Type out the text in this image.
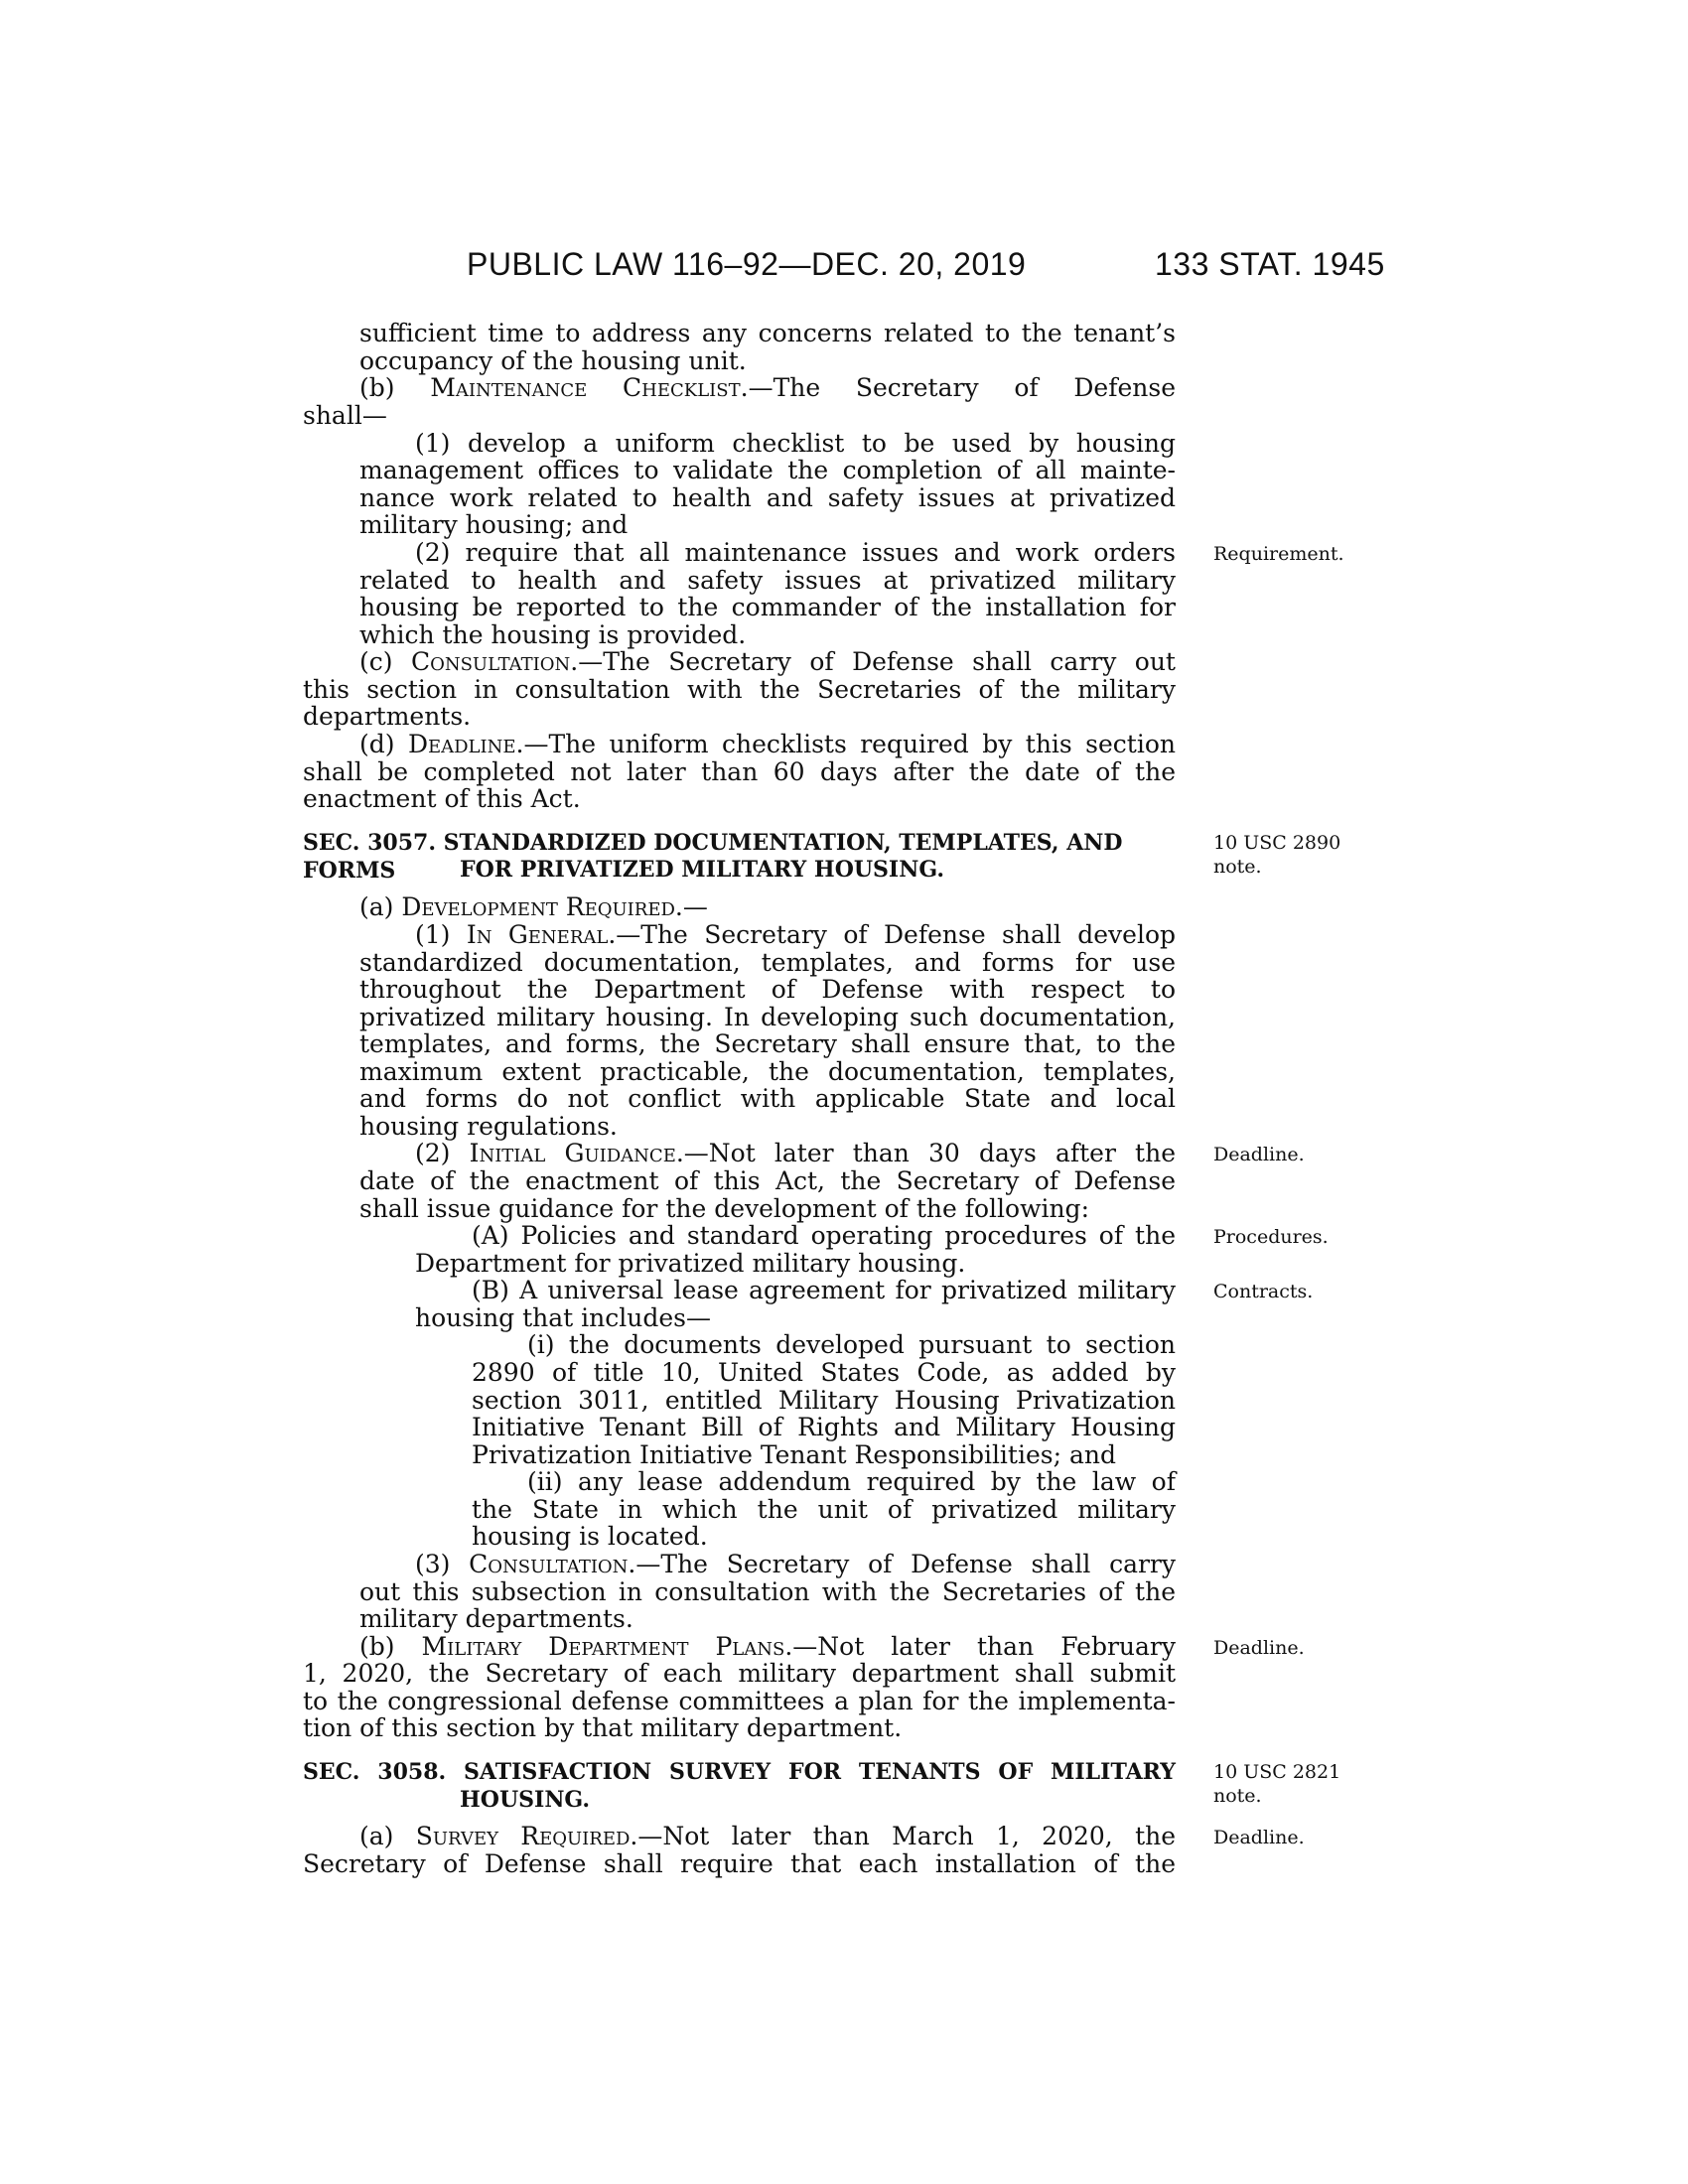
PUBLIC LAW 116–92—DEC. 20, 2019	133 STAT. 1945

sufficient time to address any concerns related to the tenant’s

occupancy of the housing unit.

(b) Maintenance Checklist.—The Secretary of Defense

shall—

(1) develop a uniform checklist to be used by housing

management offices to validate the completion of all mainte-

nance work related to health and safety issues at privatized

military housing; and

(2) require that all maintenance issues and work orders

related to health and safety issues at privatized military

housing be reported to the commander of the installation for

which the housing is provided.

(c) Consultation.—The Secretary of Defense shall carry out

this section in consultation with the Secretaries of the military

departments.

(d) Deadline.—The uniform checklists required by this section

shall be completed not later than 60 days after the date of the

enactment of this Act.

SEC. 3057. STANDARDIZED DOCUMENTATION, TEMPLATES, AND FORMS	FOR PRIVATIZED MILITARY HOUSING.

(a) Development Required.—

(1) In General.—The Secretary of Defense shall develop

standardized documentation, templates, and forms for use

throughout the Department of Defense with respect to

privatized military housing. In developing such documentation,

templates, and forms, the Secretary shall ensure that, to the

maximum extent practicable, the documentation, templates,

and forms do not conflict with applicable State and local

housing regulations.

(2) Initial Guidance.—Not later than 30 days after the

date of the enactment of this Act, the Secretary of Defense

shall issue guidance for the development of the following:

(A) Policies and standard operating procedures of the

Department for privatized military housing.

(B) A universal lease agreement for privatized military

housing that includes—

(i) the documents developed pursuant to section

2890 of title 10, United States Code, as added by

section 3011, entitled Military Housing Privatization

Initiative Tenant Bill of Rights and Military Housing

Privatization Initiative Tenant Responsibilities; and

(ii) any lease addendum required by the law of

the State in which the unit of privatized military

housing is located.

(3) Consultation.—The Secretary of Defense shall carry

out this subsection in consultation with the Secretaries of the

military departments.

(b) Military Department Plans.—Not later than February

1, 2020, the Secretary of each military department shall submit

to the congressional defense committees a plan for the implementa-

tion of this section by that military department.

SEC. 3058. SATISFACTION SURVEY FOR TENANTS OF MILITARY

HOUSING.

(a) Survey Required.—Not later than March 1, 2020, the

Secretary of Defense shall require that each installation of the

Requirement.

10 USC 2890

note.

Deadline.

Procedures.

Contracts.

Deadline.

10 USC 2821

note.

Deadline.
